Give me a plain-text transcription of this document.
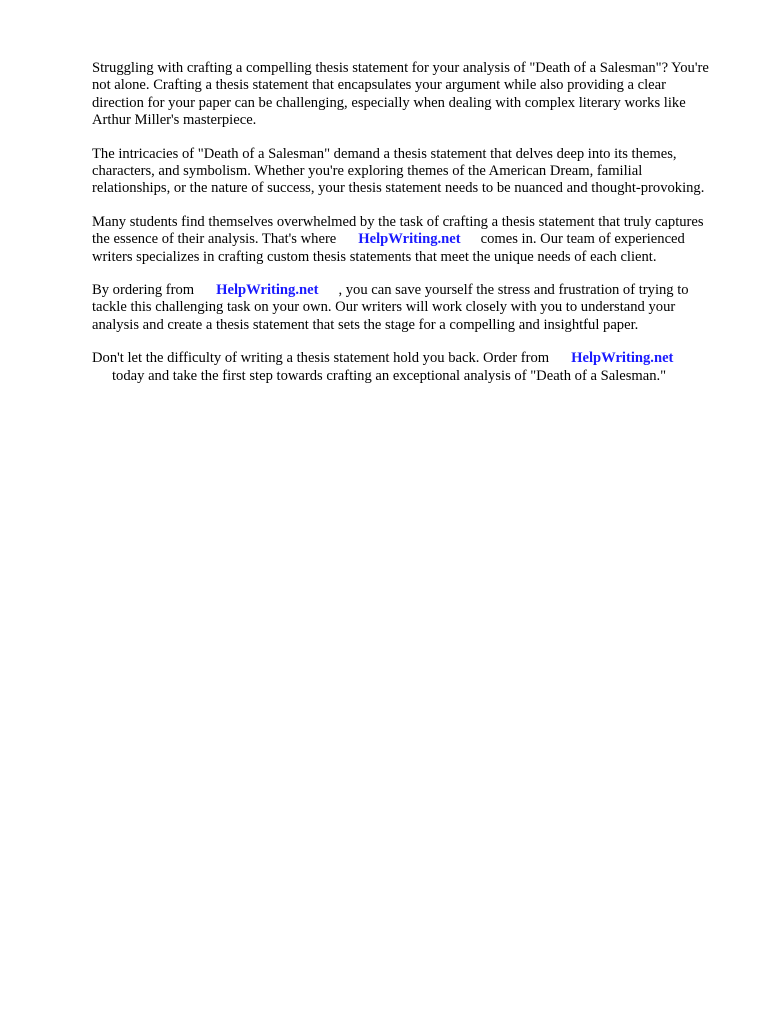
Struggling with crafting a compelling thesis statement for your analysis of "Death of a Salesman"? You're not alone. Crafting a thesis statement that encapsulates your argument while also providing a clear direction for your paper can be challenging, especially when dealing with complex literary works like Arthur Miller's masterpiece.

The intricacies of "Death of a Salesman" demand a thesis statement that delves deep into its themes, characters, and symbolism. Whether you're exploring themes of the American Dream, familial relationships, or the nature of success, your thesis statement needs to be nuanced and thought-provoking.

Many students find themselves overwhelmed by the task of crafting a thesis statement that truly captures the essence of their analysis. That's where HelpWriting.net comes in. Our team of experienced writers specializes in crafting custom thesis statements that meet the unique needs of each client.

By ordering from HelpWriting.net , you can save yourself the stress and frustration of trying to tackle this challenging task on your own. Our writers will work closely with you to understand your analysis and create a thesis statement that sets the stage for a compelling and insightful paper.

Don't let the difficulty of writing a thesis statement hold you back. Order from HelpWriting.net
today and take the first step towards crafting an exceptional analysis of "Death of a Salesman."
